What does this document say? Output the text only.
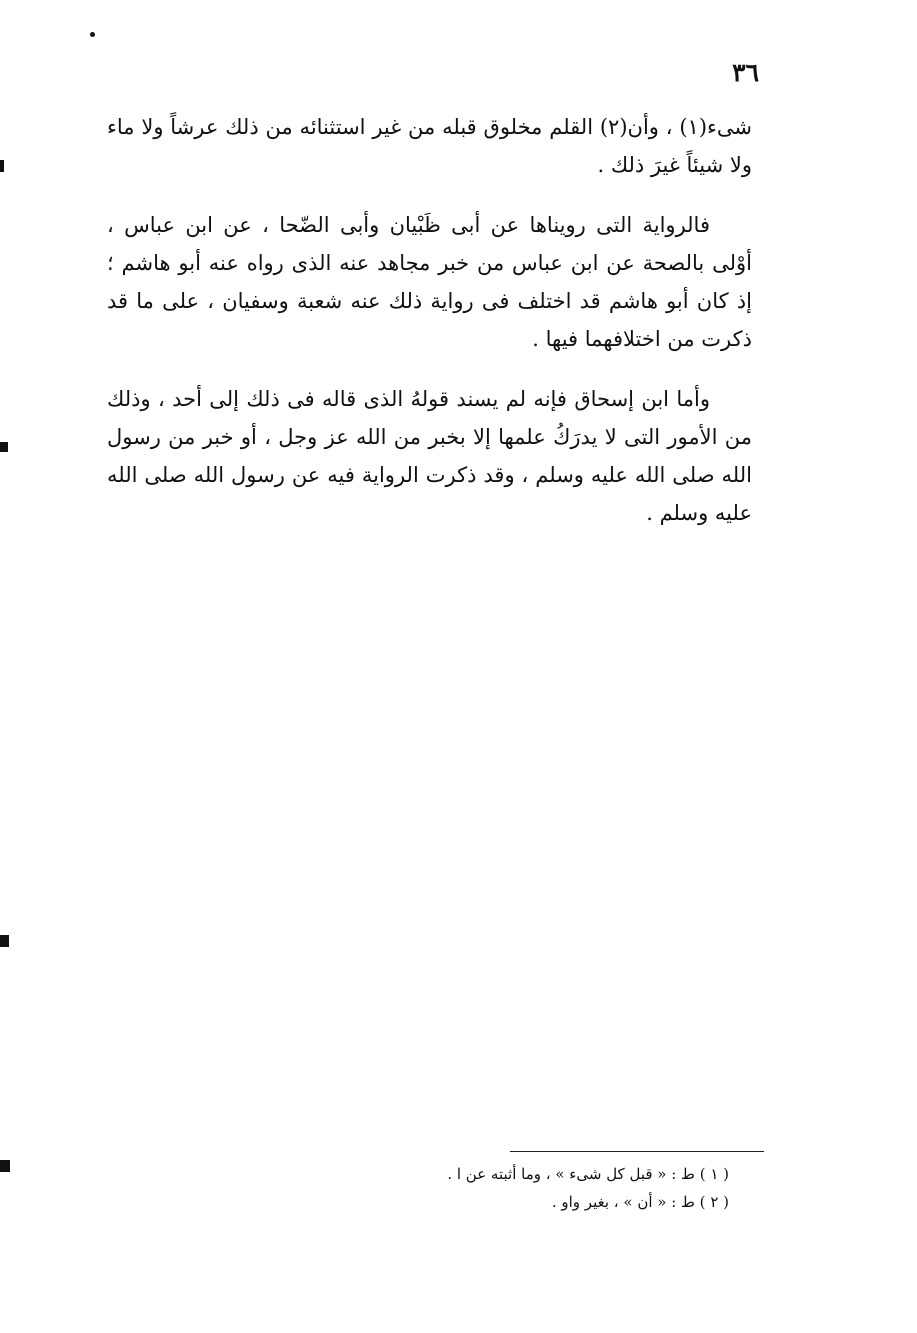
٣٦

شىء(١) ، وأن(٢) القلم مخلوق قبله من غير استثنائه من ذلك عرشاً ولا ماء ولا شيئاً غيرَ ذلك .

فالرواية التى رويناها عن أبى ظَبْيان وأبى الضّحا ، عن ابن عباس ، أوْلى بالصحة عن ابن عباس من خبر مجاهد عنه الذى رواه عنه أبو هاشم ؛ إذ كان أبو هاشم قد اختلف فى رواية ذلك عنه شعبة وسفيان ، على ما قد ذكرت من اختلافهما فيها .

وأما ابن إسحاق فإنه لم يسند قولهُ الذى قاله فى ذلك إلى أحد ، وذلك من الأمور التى لا يدرَكُ علمها إلا بخبر من الله عز وجل ، أو خبر من رسول الله صلى الله عليه وسلم ، وقد ذكرت الرواية فيه عن رسول الله صلى الله عليه وسلم .

( ١ ) ط : « قبل كل شىء » ، وما أثبته عن ا .
( ٢ ) ط : « أن » ، بغير واو .
